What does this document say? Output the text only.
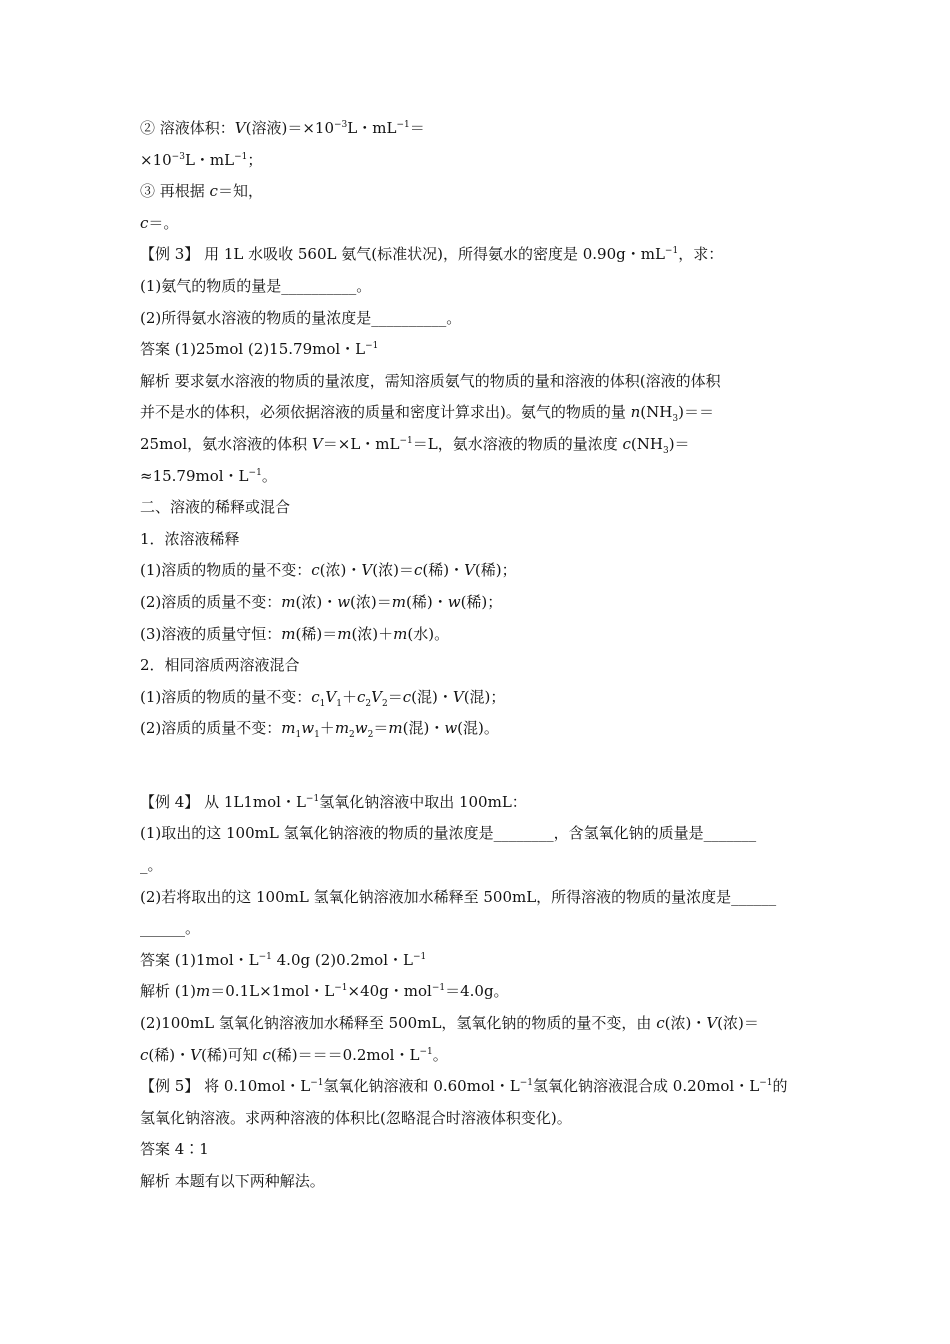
② 溶液体积：V(溶液)$=\times 10^{-3}L$・$mL^{-1}=$
$\times 10^{-3}L$・$mL^{-1}$；
③ 再根据 c＝知，
c＝。
【例 3】 用 1L 水吸收 560L 氨气(标准状况)，所得氨水的密度是 0.90g・$mL^{-1}$，求：
(1)氨气的物质的量是__________。
(2)所得氨水溶液的物质的量浓度是__________。
答案 (1)25mol (2)15.79mol・$L^{-1}$
解析 要求氨水溶液的物质的量浓度，需知溶质氨气的物质的量和溶液的体积(溶液的体积
并不是水的体积，必须依据溶液的质量和密度计算求出)。氨气的物质的量 $n(NH_3)==$
25mol，氨水溶液的体积 V＝×L・$mL^{-1}=L$，氨水溶液的物质的量浓度 $c(NH_3)=$
≈15.79mol・$L^{-1}$。
二、溶液的稀释或混合
1．浓溶液稀释
(1)溶质的物质的量不变：c(浓)・V(浓)＝c(稀)・V(稀)；
(2)溶质的质量不变：m(浓)・w(浓)＝m(稀)・w(稀)；
(3)溶液的质量守恒：m(稀)＝m(浓)＋m(水)。
2．相同溶质两溶液混合
(1)溶质的物质的量不变：$c_1V_1+c_2V_2=c$(混)・V(混)；
(2)溶质的质量不变：$m_1w_1+m_2w_2=m$(混)・w(混)。
【例 4】 从 1L1mol・$L^{-1}$氢氧化钠溶液中取出 100mL：
(1)取出的这 100mL 氢氧化钠溶液的物质的量浓度是________，含氢氧化钠的质量是_______
_。
(2)若将取出的这 100mL 氢氧化钠溶液加水稀释至 500mL，所得溶液的物质的量浓度是______
______。
答案 (1)1mol・$L^{-1}$ 4.0g (2)0.2mol・$L^{-1}$
解析 (1)m＝0.1L×1mol・$L^{-1}\times 40g$・mol$^{-1}$＝4.0g。
(2)100mL 氢氧化钠溶液加水稀释至 500mL，氢氧化钠的物质的量不变，由 c(浓)・V(浓)＝
c(稀)・V(稀)可知 c(稀)＝＝＝0.2mol・$L^{-1}$。
【例 5】 将 0.10mol・$L^{-1}$氢氧化钠溶液和 0.60mol・$L^{-1}$氢氧化钠溶液混合成 0.20mol・$L^{-1}$的
氢氧化钠溶液。求两种溶液的体积比(忽略混合时溶液体积变化)。
答案 4∶1
解析 本题有以下两种解法。
